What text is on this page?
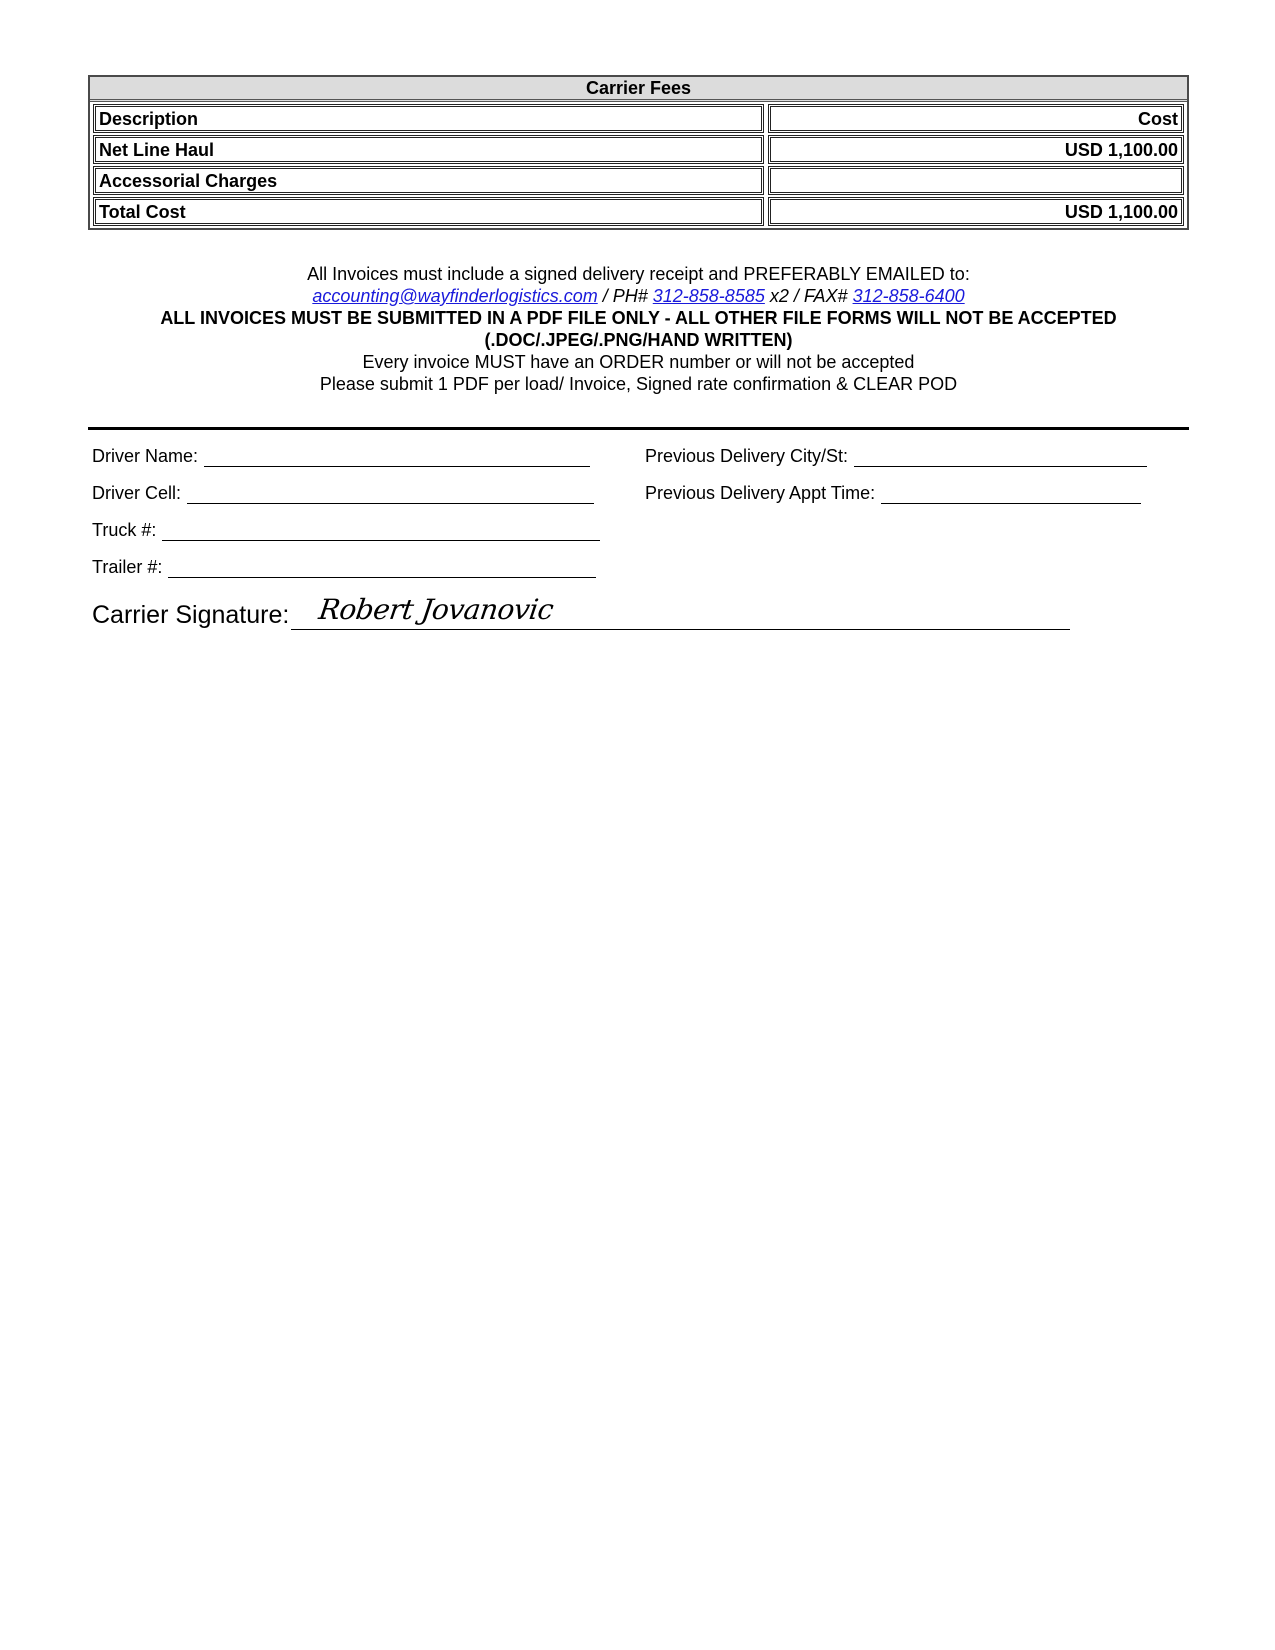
Carrier Fees
Description	Cost
Net Line Haul	USD 1,100.00
Accessorial Charges
Total Cost	USD 1,100.00
All Invoices must include a signed delivery receipt and PREFERABLY EMAILED to:
accounting@wayfinderlogistics.com / PH# 312-858-8585 x2 / FAX# 312-858-6400
ALL INVOICES MUST BE SUBMITTED IN A PDF FILE ONLY - ALL OTHER FILE FORMS WILL NOT BE ACCEPTED (.DOC/.JPEG/.PNG/HAND WRITTEN)
Every invoice MUST have an ORDER number or will not be accepted
Please submit 1 PDF per load/ Invoice, Signed rate confirmation & CLEAR POD
Driver Name:
Driver Cell:
Truck #:
Trailer #:
Previous Delivery City/St:
Previous Delivery Appt Time:
Carrier Signature: Robert Jovanovic
